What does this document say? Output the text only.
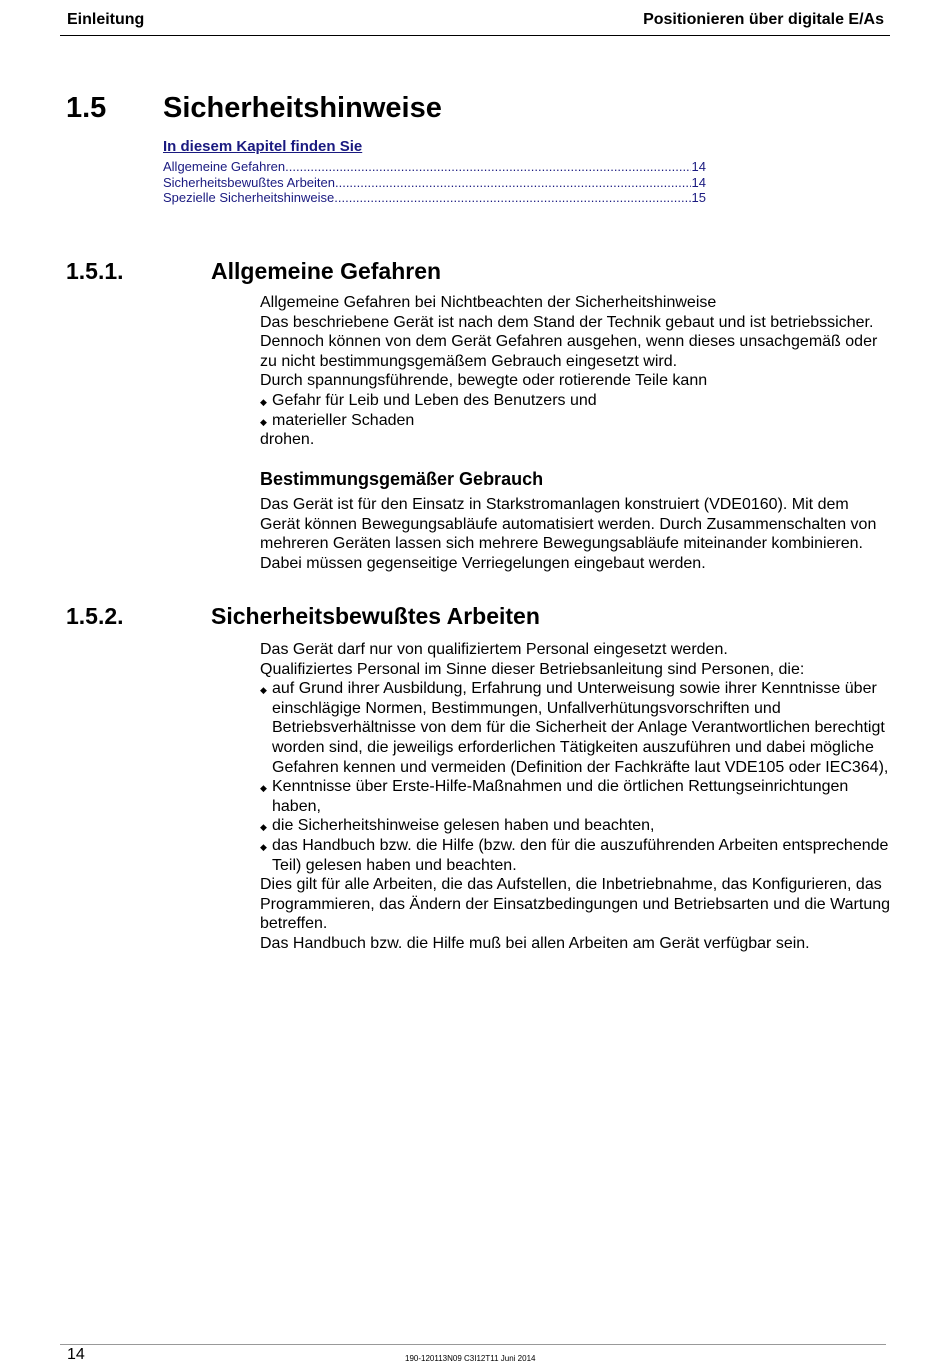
Einleitung	Positionieren über digitale E/As
1.5 Sicherheitshinweise
In diesem Kapitel finden Sie
Allgemeine Gefahren .....	14
Sicherheitsbewußtes Arbeiten .....	14
Spezielle Sicherheitshinweise .....	15
1.5.1.	Allgemeine Gefahren

Allgemeine Gefahren bei Nichtbeachten der Sicherheitshinweise

Das beschriebene Gerät ist nach dem Stand der Technik gebaut und ist betriebssicher. Dennoch können von dem Gerät Gefahren ausgehen, wenn dieses unsachgemäß oder zu nicht bestimmungsgemäßem Gebrauch eingesetzt wird.

Durch spannungsführende, bewegte oder rotierende Teile kann

◆ Gefahr für Leib und Leben des Benutzers und
◆ materieller Schaden

drohen.

Bestimmungsgemäßer Gebrauch

Das Gerät ist für den Einsatz in Starkstromanlagen konstruiert (VDE0160). Mit dem Gerät können Bewegungsabläufe automatisiert werden. Durch Zusammenschalten von mehreren Geräten lassen sich mehrere Bewegungsabläufe miteinander kombinieren. Dabei müssen gegenseitige Verriegelungen eingebaut werden.

1.5.2.	Sicherheitsbewußtes Arbeiten

Das Gerät darf nur von qualifiziertem Personal eingesetzt werden.

Qualifiziertes Personal im Sinne dieser Betriebsanleitung sind Personen, die:

◆ auf Grund ihrer Ausbildung, Erfahrung und Unterweisung sowie ihrer Kenntnisse über einschlägige Normen, Bestimmungen, Unfallverhütungsvorschriften und Betriebsverhältnisse von dem für die Sicherheit der Anlage Verantwortlichen berechtigt worden sind, die jeweiligs erforderlichen Tätigkeiten auszuführen und dabei mögliche Gefahren kennen und vermeiden (Definition der Fachkräfte laut VDE105 oder IEC364),
◆ Kenntnisse über Erste-Hilfe-Maßnahmen und die örtlichen Rettungseinrichtungen haben,
◆ die Sicherheitshinweise gelesen haben und beachten,
◆ das Handbuch bzw. die Hilfe (bzw. den für die auszuführenden Arbeiten entsprechende Teil) gelesen haben und beachten.

Dies gilt für alle Arbeiten, die das Aufstellen, die Inbetriebnahme, das Konfigurieren, das Programmieren, das Ändern der Einsatzbedingungen und Betriebsarten und die Wartung betreffen.

Das Handbuch bzw. die Hilfe muß bei allen Arbeiten am Gerät verfügbar sein.

14	190-120113N09 C3I12T11 Juni 2014
